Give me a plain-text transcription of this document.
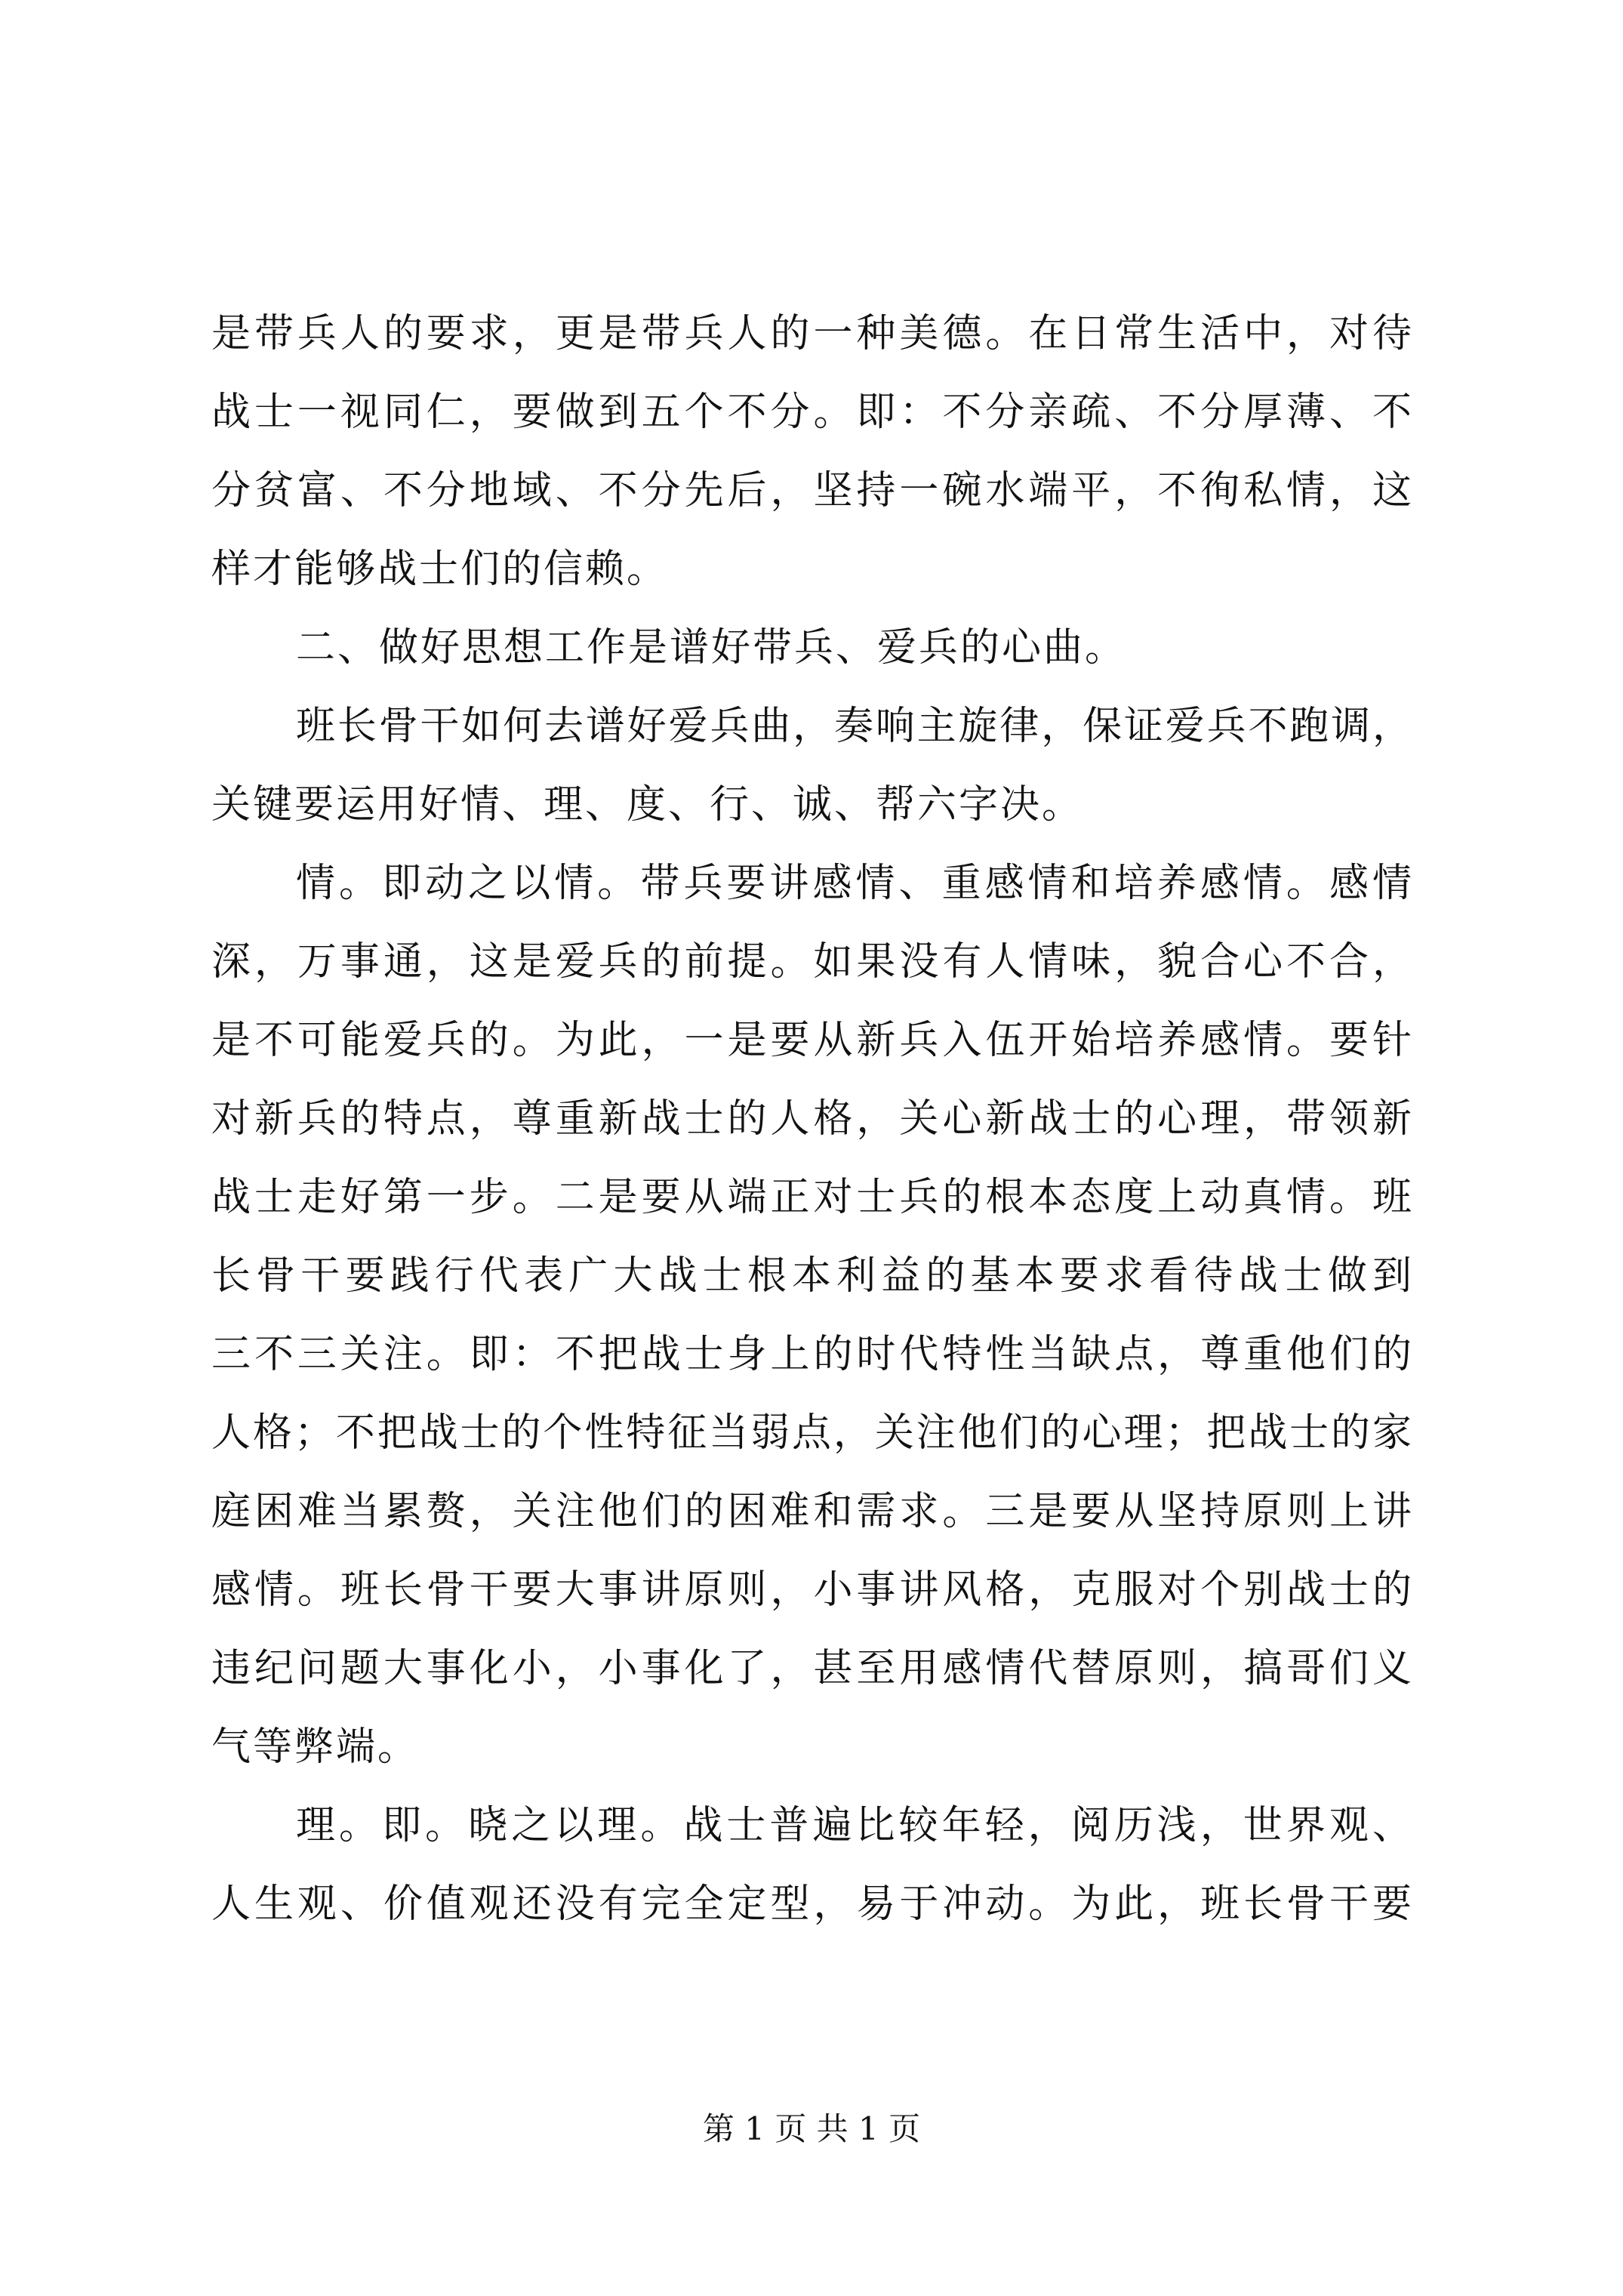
是带兵人的要求，更是带兵人的一种美德。在日常生活中，对待
战士一视同仁，要做到五个不分。即：不分亲疏、不分厚薄、不
分贫富、不分地域、不分先后，坚持一碗水端平，不徇私情，这
样才能够战士们的信赖。
二、做好思想工作是谱好带兵、爱兵的心曲。
班长骨干如何去谱好爱兵曲，奏响主旋律，保证爱兵不跑调，
关键要运用好情、理、度、行、诚、帮六字决。
情。即动之以情。带兵要讲感情、重感情和培养感情。感情
深，万事通，这是爱兵的前提。如果没有人情味，貌合心不合，
是不可能爱兵的。为此，一是要从新兵入伍开始培养感情。要针
对新兵的特点，尊重新战士的人格，关心新战士的心理，带领新
战士走好第一步。二是要从端正对士兵的根本态度上动真情。班
长骨干要践行代表广大战士根本利益的基本要求看待战士做到
三不三关注。即：不把战士身上的时代特性当缺点，尊重他们的
人格；不把战士的个性特征当弱点，关注他们的心理；把战士的家
庭困难当累赘，关注他们的困难和需求。三是要从坚持原则上讲
感情。班长骨干要大事讲原则，小事讲风格，克服对个别战士的
违纪问题大事化小，小事化了，甚至用感情代替原则，搞哥们义
气等弊端。
理。即。晓之以理。战士普遍比较年轻，阅历浅，世界观、
人生观、价值观还没有完全定型，易于冲动。为此，班长骨干要
第 1 页 共 1 页
